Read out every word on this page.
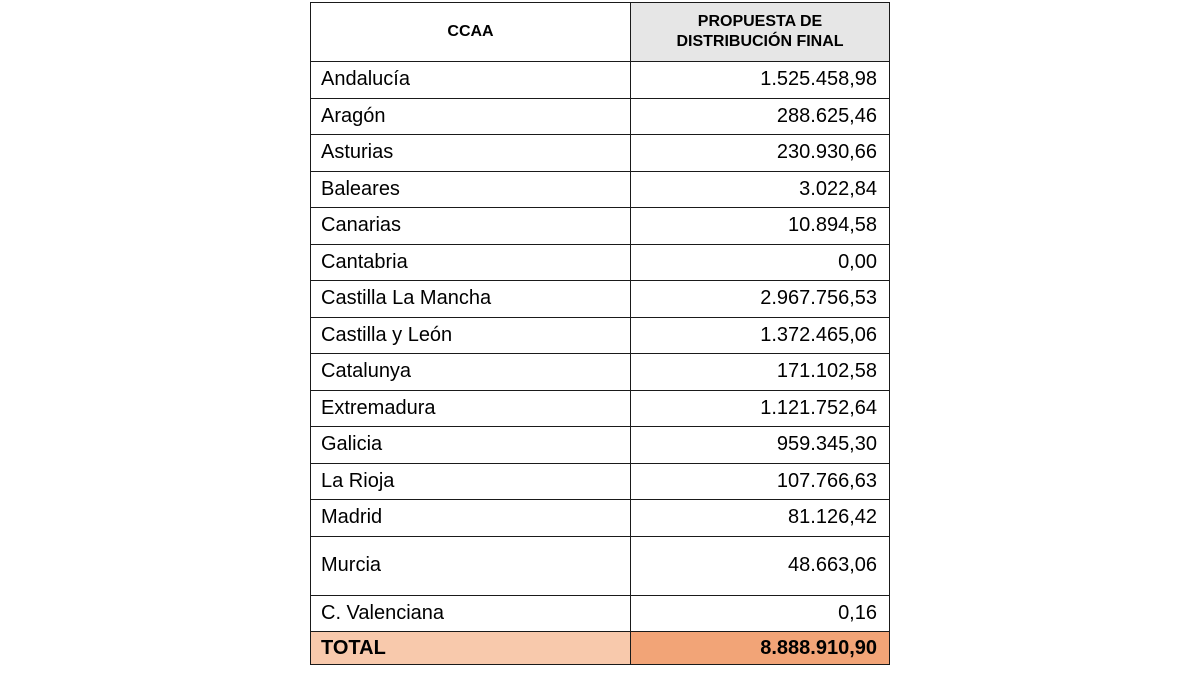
CCAA	PROPUESTA DE
DISTRIBUCIÓN FINAL
Andalucía	1.525.458,98
Aragón	288.625,46
Asturias	230.930,66
Baleares	3.022,84
Canarias	10.894,58
Cantabria	0,00
Castilla La Mancha	2.967.756,53
Castilla y León	1.372.465,06
Catalunya	171.102,58
Extremadura	1.121.752,64
Galicia	959.345,30
La Rioja	107.766,63
Madrid	81.126,42
Murcia	48.663,06
C. Valenciana	0,16
TOTAL	8.888.910,90
